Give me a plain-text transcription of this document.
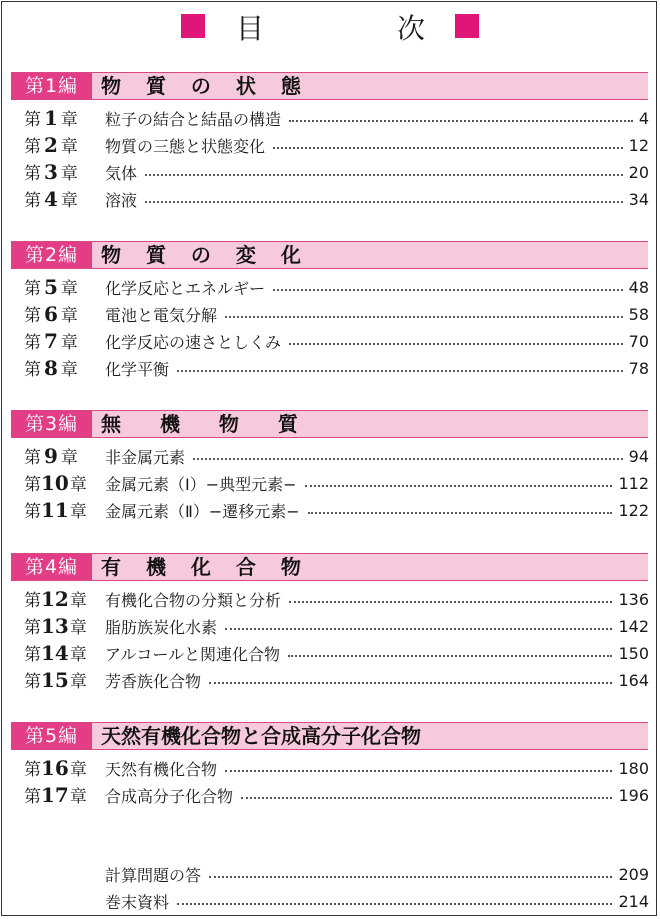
目	次
第1編	物 質 の 状 態
第 1 章 粒子の結合と結晶の構造	4
第 2 章 物質の三態と状態変化	12
第 3 章 気体	20
第 4 章 溶液	34
第2編	物 質 の 変 化
第 5 章 化学反応とエネルギー	48
第 6 章 電池と電気分解	58
第 7 章 化学反応の速さとしくみ	70
第 8 章 化学平衡	78
第3編	無 機 物 質
第 9 章 非金属元素	94
第10章 金属元素（Ⅰ）−典型元素−	112
第11章 金属元素（Ⅱ）−遷移元素−	122
第4編	有 機 化 合 物
第12章 有機化合物の分類と分析	136
第13章 脂肪族炭化水素	142
第14章 アルコールと関連化合物	150
第15章 芳香族化合物	164
第5編	天然有機化合物と合成高分子化合物
第16章 天然有機化合物	180
第17章 合成高分子化合物	196
計算問題の答	209
巻末資料	214
